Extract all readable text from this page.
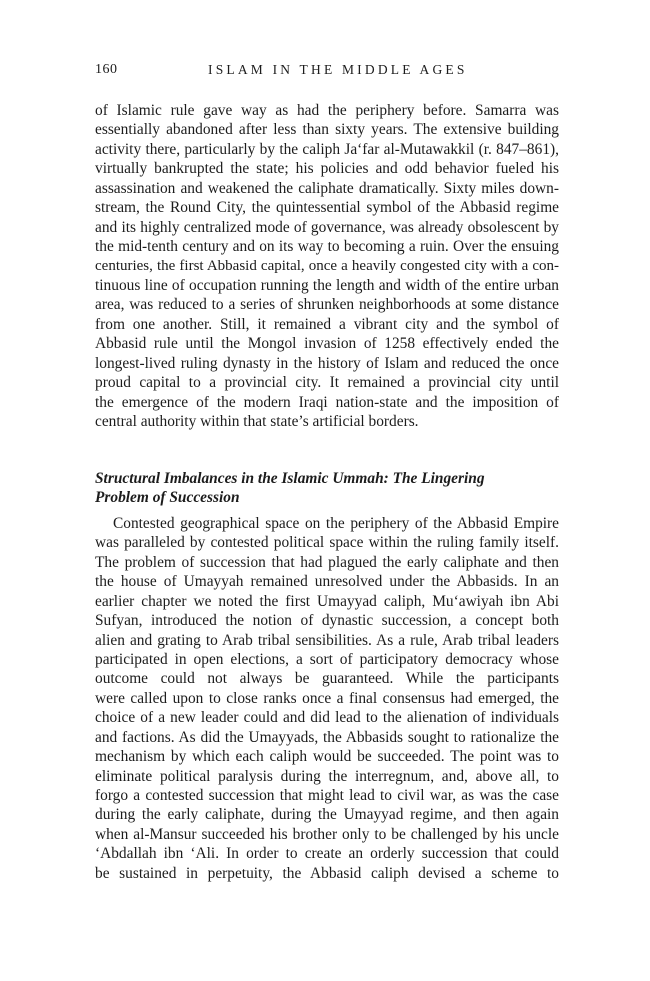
160	ISLAM IN THE MIDDLE AGES
of Islamic rule gave way as had the periphery before. Samarra was
essentially abandoned after less than sixty years. The extensive building
activity there, particularly by the caliph Ja‘far al-Mutawakkil (r. 847–861),
virtually bankrupted the state; his policies and odd behavior fueled his
assassination and weakened the caliphate dramatically. Sixty miles down-
stream, the Round City, the quintessential symbol of the Abbasid regime
and its highly centralized mode of governance, was already obsolescent by
the mid-tenth century and on its way to becoming a ruin. Over the ensuing
centuries, the first Abbasid capital, once a heavily congested city with a con-
tinuous line of occupation running the length and width of the entire urban
area, was reduced to a series of shrunken neighborhoods at some distance
from one another. Still, it remained a vibrant city and the symbol of
Abbasid rule until the Mongol invasion of 1258 effectively ended the
longest-lived ruling dynasty in the history of Islam and reduced the once
proud capital to a provincial city. It remained a provincial city until
the emergence of the modern Iraqi nation-state and the imposition of
central authority within that state’s artificial borders.
Structural Imbalances in the Islamic Ummah: The Lingering
Problem of Succession
Contested geographical space on the periphery of the Abbasid Empire
was paralleled by contested political space within the ruling family itself.
The problem of succession that had plagued the early caliphate and then
the house of Umayyah remained unresolved under the Abbasids. In an
earlier chapter we noted the first Umayyad caliph, Mu‘awiyah ibn Abi
Sufyan, introduced the notion of dynastic succession, a concept both
alien and grating to Arab tribal sensibilities. As a rule, Arab tribal leaders
participated in open elections, a sort of participatory democracy whose
outcome could not always be guaranteed. While the participants
were called upon to close ranks once a final consensus had emerged, the
choice of a new leader could and did lead to the alienation of individuals
and factions. As did the Umayyads, the Abbasids sought to rationalize the
mechanism by which each caliph would be succeeded. The point was to
eliminate political paralysis during the interregnum, and, above all, to
forgo a contested succession that might lead to civil war, as was the case
during the early caliphate, during the Umayyad regime, and then again
when al-Mansur succeeded his brother only to be challenged by his uncle
‘Abdallah ibn ‘Ali. In order to create an orderly succession that could
be sustained in perpetuity, the Abbasid caliph devised a scheme to
